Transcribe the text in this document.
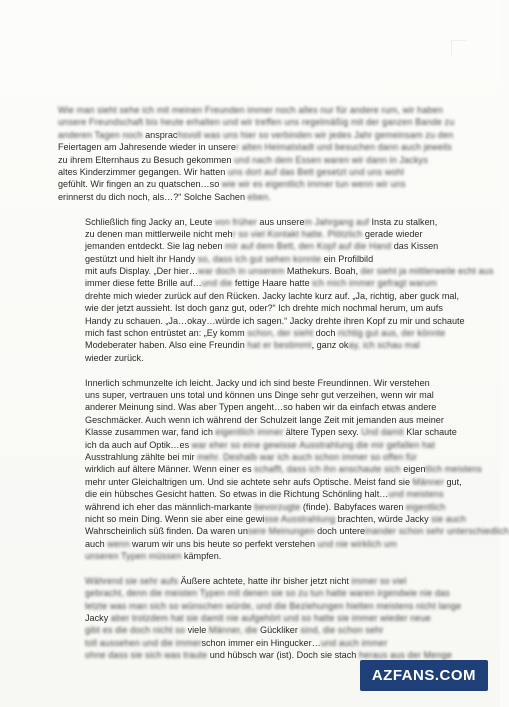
Wie man sieht sehe ich mit meinen Freunden immer noch alles nur für andere rum, wir haben
unsere Freundschaft bis heute erhalten und wir treffen uns regelmäßig mit der ganzen Bande zu
anderen Tagen noch ansprachsvoll was uns hier so verbinden wir jedes Jahr gemeinsam zu den
Feiertagen am Jahresende wieder in unserer alten Heimatstadt und besuchen dann auch jeweils
zu ihrem Elternhaus zu Besuch gekommen und nach dem Essen waren wir dann in Jackys
altes Kinderzimmer gegangen. Wir hatten uns dort auf das Bett gesetzt und uns wohl
gefühlt. Wir fingen an zu quatschen…so wie wir es eigentlich immer tun wenn wir uns
erinnerst du dich noch, als…?“ Solche Sachen eben.
Schließlich fing Jacky an, Leute von früher aus unserem Jahrgang auf Insta zu stalken,
zu denen man mittlerweile nicht mehr so viel Kontakt hatte. Plötzlich gerade wieder
jemanden entdeckt. Sie lag neben mir auf dem Bett, den Kopf auf die Hand das Kissen
gestützt und hielt ihr Handy so, dass ich gut sehen konnte ein Profilbild
mit aufs Display. „Der hier…war doch in unserem Mathekurs. Boah, der sieht ja mittlerweile echt aus
immer diese fette Brille auf…und die fettige Haare hatte ich mich immer gefragt warum
drehte mich wieder zurück auf den Rücken. Jacky lachte kurz auf. „Ja, richtig, aber guck mal,
wie der jetzt aussieht. Ist doch ganz gut, oder?“ Ich drehte mich nochmal herum, um aufs
Handy zu schauen. „Ja…okay…würde ich sagen.“ Jacky drehte ihren Kopf zu mir und schaute
mich fast schon entrüstet an: „Ey komm schon, der sieht doch richtig gut aus, der könnte
Modeberater haben. Also eine Freundin hat er bestimmt, ganz okay, ich schau mal
wieder zurück.
Innerlich schmunzelte ich leicht. Jacky und ich sind beste Freundinnen. Wir verstehen
uns super, vertrauen uns total und können uns Dinge sehr gut verzeihen, wenn wir mal
anderer Meinung sind. Was aber Typen angeht…so haben wir da einfach etwas andere
Geschmäcker. Auch wenn ich während der Schulzeit lange Zeit mit jemanden aus meiner
Klasse zusammen war, fand ich eigentlich immer ältere Typen sexy. Und damit Klar schaute
ich da auch auf Optik…es war eher so eine gewisse Ausstrahlung die mir gefallen hat
Ausstrahlung zählte bei mir mehr. Deshalb war ich auch schon immer so offen für
wirklich auf ältere Männer. Wenn einer es schafft, dass ich ihn anschaute sich eigentlich meistens
mehr unter Gleichaltrigen um. Und sie achtete sehr aufs Optische. Meist fand sie Männer gut,
die ein hübsches Gesicht hatten. So etwas in die Richtung Schönling halt…und meistens
während ich eher das männlich-markante bevorzugte (finde). Babyfaces waren eigentlich
nicht so mein Ding. Wenn sie aber eine gewisse Ausstrahlung brachten, würde Jacky sie auch
Wahrscheinlich süß finden. Da waren unsere Meinungen doch untereinander schon sehr unterschiedlich
auch wenn warum wir uns bis heute so perfekt verstehen und nie wirklich um
unseren Typen müssen kämpfen.
Während sie sehr aufs Äußere achtete, hatte ihr bisher jetzt nicht immer so viel
gebracht, denn die meisten Typen mit denen sie so zu tun hatte waren irgendwie nie das
letzte was man sich so wünschen würde, und die Beziehungen hielten meistens nicht lange
Jacky aber trotzdem hat sie damit nie aufgehört und so hatte sie immer wieder neue
gibt es die doch nicht so viele Männer, die Gückliker sind, die schon sehr
toll aussehen und die immerschon immer ein Hingucker…und auch immer
ohne dass sie sich was traute und hübsch war (ist). Doch sie stach heraus aus der Menge
AZFANS.COM
